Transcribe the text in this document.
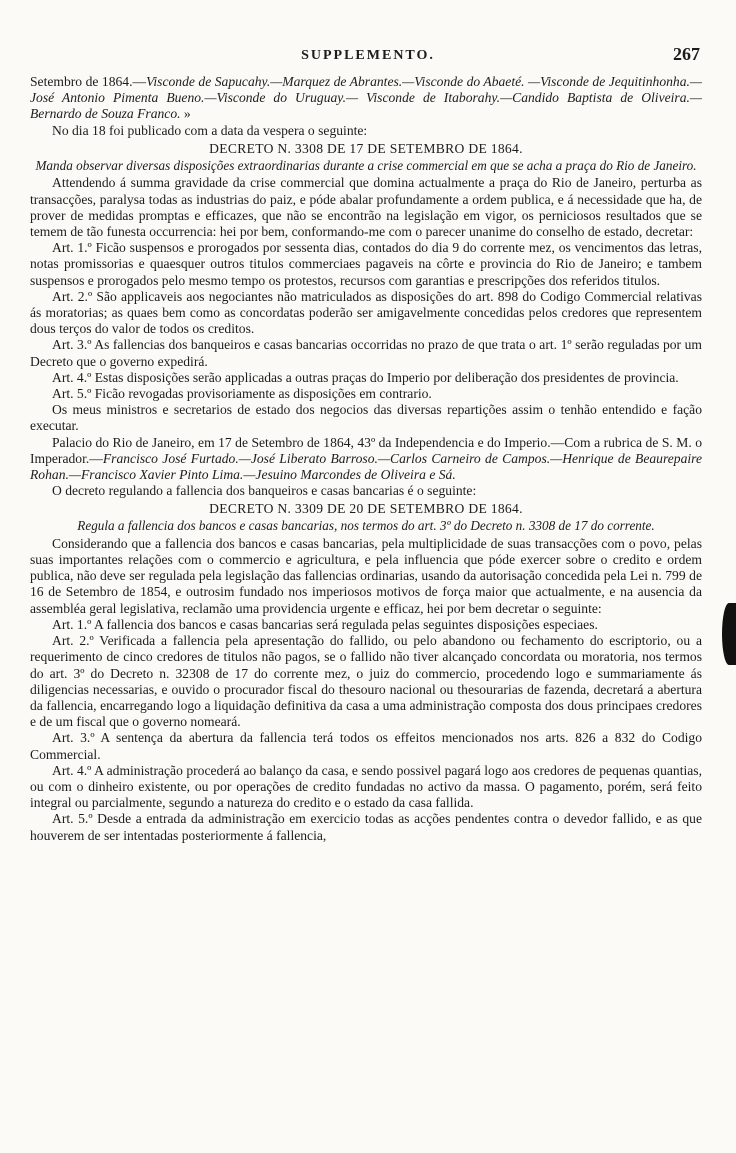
SUPPLEMENTO.	267

Setembro de 1864.—Visconde de Sapucahy.—Marquez de Abrantes.—Visconde do Abaeté. —Visconde de Jequitinhonha.—José Antonio Pimenta Bueno.—Visconde do Uruguay.— Visconde de Itaborahy.—Candido Baptista de Oliveira.—Bernardo de Souza Franco. »

No dia 18 foi publicado com a data da vespera o seguinte:

DECRETO N. 3308 DE 17 DE SETEMBRO DE 1864.
Manda observar diversas disposições extraordinarias durante a crise commercial em que se acha a praça do Rio de Janeiro.

Attendendo á summa gravidade da crise commercial que domina actualmente a praça do Rio de Janeiro, perturba as transacções, paralysa todas as industrias do paiz, e póde abalar profundamente a ordem publica, e á necessidade que ha, de prover de medidas promptas e efficazes, que não se encontrão na legislação em vigor, os perniciosos resultados que se temem de tão funesta occurrencia: hei por bem, conformando-me com o parecer unanime do conselho de estado, decretar:

Art. 1.º Ficão suspensos e prorogados por sessenta dias, contados do dia 9 do corrente mez, os vencimentos das letras, notas promissorias e quaesquer outros titulos commerciaes pagaveis na côrte e provincia do Rio de Janeiro; e tambem suspensos e prorogados pelo mesmo tempo os protestos, recursos com garantias e prescripções dos referidos titulos.

Art. 2.º São applicaveis aos negociantes não matriculados as disposições do art. 898 do Codigo Commercial relativas ás moratorias; as quaes bem como as concordatas poderão ser amigavelmente concedidas pelos credores que representem dous terços do valor de todos os creditos.

Art. 3.º As fallencias dos banqueiros e casas bancarias occorridas no prazo de que trata o art. 1º serão reguladas por um Decreto que o governo expedirá.

Art. 4.º Estas disposições serão applicadas a outras praças do Imperio por deliberação dos presidentes de provincia.

Art. 5.º Ficão revogadas provisoriamente as disposições em contrario.

Os meus ministros e secretarios de estado dos negocios das diversas repartições assim o tenhão entendido e fação executar.

Palacio do Rio de Janeiro, em 17 de Setembro de 1864, 43º da Independencia e do Imperio.—Com a rubrica de S. M. o Imperador.—Francisco José Furtado.—José Liberato Barroso.—Carlos Carneiro de Campos.—Henrique de Beaurepaire Rohan.—Francisco Xavier Pinto Lima.—Jesuino Marcondes de Oliveira e Sá.

O decreto regulando a fallencia dos banqueiros e casas bancarias é o seguinte:

DECRETO N. 3309 DE 20 DE SETEMBRO DE 1864.
Regula a fallencia dos bancos e casas bancarias, nos termos do art. 3º do Decreto n. 3308 de 17 do corrente.

Considerando que a fallencia dos bancos e casas bancarias, pela multiplicidade de suas transacções com o povo, pelas suas importantes relações com o commercio e agricultura, e pela influencia que póde exercer sobre o credito e ordem publica, não deve ser regulada pela legislação das fallencias ordinarias, usando da autorisação concedida pela Lei n. 799 de 16 de Setembro de 1854, e outrosim fundado nos imperiosos motivos de força maior que actualmente, e na ausencia da assembléa geral legislativa, reclamão uma providencia urgente e efficaz, hei por bem decretar o seguinte:

Art. 1.º A fallencia dos bancos e casas bancarias será regulada pelas seguintes disposições especiaes.

Art. 2.º Verificada a fallencia pela apresentação do fallido, ou pelo abandono ou fechamento do escriptorio, ou a requerimento de cinco credores de titulos não pagos, se o fallido não tiver alcançado concordata ou moratoria, nos termos do art. 3º do Decreto n. 32308 de 17 do corrente mez, o juiz do commercio, procedendo logo e summariamente ás diligencias necessarias, e ouvido o procurador fiscal do thesouro nacional ou thesourarias de fazenda, decretará a abertura da fallencia, encarregando logo a liquidação definitiva da casa a uma administração composta dos dous principaes credores e de um fiscal que o governo nomeará.

Art. 3.º A sentença da abertura da fallencia terá todos os effeitos mencionados nos arts. 826 a 832 do Codigo Commercial.

Art. 4.º A administração procederá ao balanço da casa, e sendo possivel pagará logo aos credores de pequenas quantias, ou com o dinheiro existente, ou por operações de credito fundadas no activo da massa. O pagamento, porém, será feito integral ou parcialmente, segundo a natureza do credito e o estado da casa fallida.

Art. 5.º Desde a entrada da administração em exercicio todas as acções pendentes contra o devedor fallido, e as que houverem de ser intentadas posteriormente á fallencia,
